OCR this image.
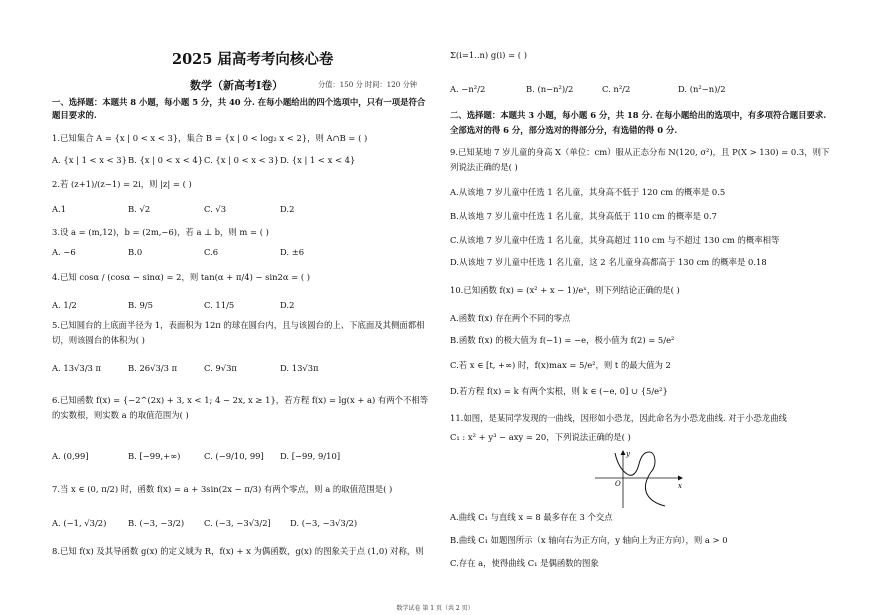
2025 届高考考向核心卷
数学（新高考I卷）	分值：150 分 时间：120 分钟
一、选择题：本题共 8 小题，每小题 5 分，共 40 分. 在每小题给出的四个选项中，只有一项是符合题目要求的.
1.已知集合 A = {x | 0 < x < 3}，集合 B = {x | 0 < log₂ x < 2}，则 A∩B = ( )
A. {x | 1 < x < 3} B. {x | 0 < x < 4} C. {x | 0 < x < 3} D. {x | 1 < x < 4}
2.若 (z+1)/(z−1) = 2i，则 |z| = ( )
A.1	B. √2	C. √3	D.2
3.设 a = (m,12)，b = (2m,−6)，若 a ⊥ b，则 m = ( )
A. −6	B.0	C.6	D. ±6
4.已知 cosα / (cosα − sinα) = 2，则 tan(α + π/4) − sin2α = ( )
A. 1/2	B. 9/5	C. 11/5	D.2
5.已知圆台的上底面半径为 1，表面积为 12π 的球在圆台内，且与该圆台的上、下底面及其侧面都相切，则该圆台的体积为( )
A. 13√3/3 π	B. 26√3/3 π	C. 9√3π	D. 13√3π
6.已知函数 f(x) = {−2^(2x) + 3, x < 1; 4 − 2x, x ≥ 1}，若方程 f(x) = lg(x + a) 有两个不相等的实数根，则实数 a 的取值范围为( )
A. (0,99]	B. [−99,+∞)	C. (−9/10, 99] D. [−99, 9/10]
7.当 x ∈ (0, π/2) 时，函数 f(x) = a + 3sin(2x − π/3) 有两个零点，则 a 的取值范围是( )
A. (−1, √3/2)	B. (−3, −3/2) C. (−3, −3√3/2] D. (−3, −3√3/2)
8.已知 f(x) 及其导函数 g(x) 的定义域为 R，f(x) + x 为偶函数，g(x) 的图象关于点 (1,0) 对称，则
Σ(i=1..n) g(i) = ( )
A. −n²/2	B. (n−n²)/2	C. n²/2	D. (n²−n)/2
二、选择题：本题共 3 小题，每小题 6 分，共 18 分. 在每小题给出的选项中，有多项符合题目要求. 全部选对的得 6 分，部分选对的得部分分，有选错的得 0 分.
9.已知某地 7 岁儿童的身高 X（单位：cm）服从正态分布 N(120, σ²)，且 P(X > 130) = 0.3，则下列说法正确的是( )
A.从该地 7 岁儿童中任选 1 名儿童，其身高不低于 120 cm 的概率是 0.5
B.从该地 7 岁儿童中任选 1 名儿童，其身高低于 110 cm 的概率是 0.7
C.从该地 7 岁儿童中任选 1 名儿童，其身高超过 110 cm 与不超过 130 cm 的概率相等
D.从该地 7 岁儿童中任选 1 名儿童，这 2 名儿童身高都高于 130 cm 的概率是 0.18
10.已知函数 f(x) = (x² + x − 1)/eˣ，则下列结论正确的是( )
A.函数 f(x) 存在两个不同的零点
B.函数 f(x) 的极大值为 f(−1) = −e，极小值为 f(2) = 5/e²
C.若 x ∈ [t, +∞) 时，f(x)max = 5/e²，则 t 的最大值为 2
D.若方程 f(x) = k 有两个实根，则 k ∈ (−e, 0] ∪ {5/e²}
11.如图，是某同学发现的一曲线，因形如小恐龙，因此命名为小恐龙曲线. 对于小恐龙曲线
C₁ : x² + y³ − axy = 20，下列说法正确的是( )
y
x
O
A.曲线 C₁ 与直线 x = 8 最多存在 3 个交点
B.曲线 C₁ 如题图所示（x 轴向右为正方向，y 轴向上为正方向），则 a > 0
C.存在 a，使得曲线 C₁ 是偶函数的图象
数学试卷 第 1 页（共 2 页）
